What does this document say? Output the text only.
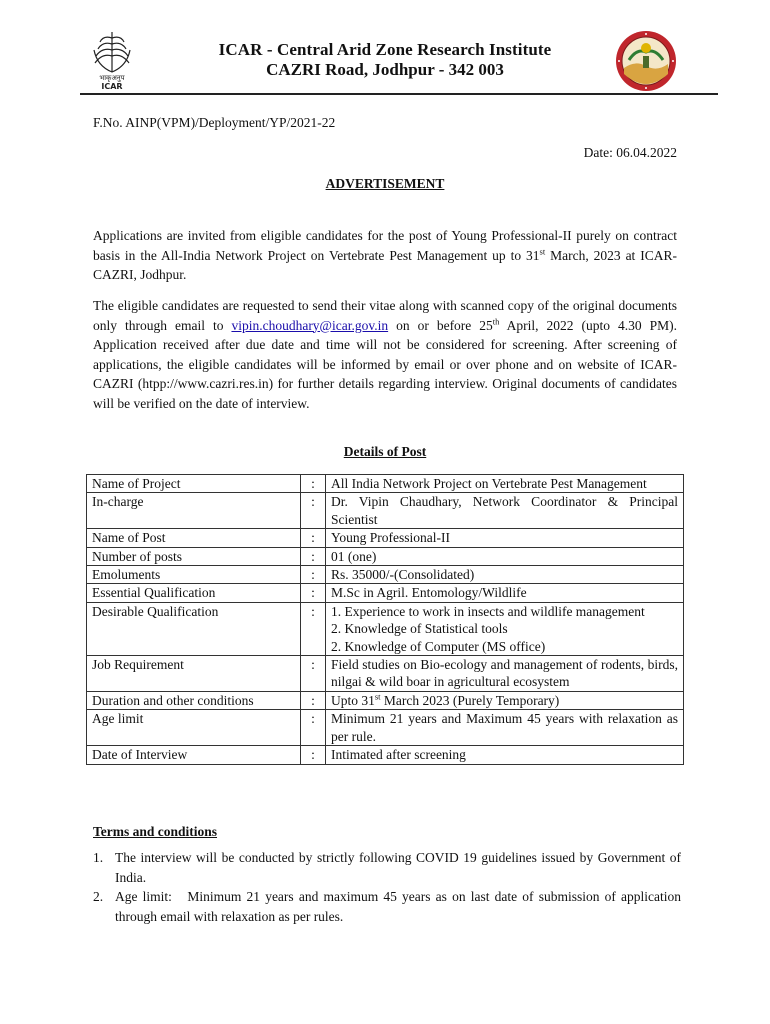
भाकृअनुप
ICAR
ICAR - Central Arid Zone Research Institute
CAZRI Road, Jodhpur - 342 003
F.No. AINP(VPM)/Deployment/YP/2021-22
Date: 06.04.2022
ADVERTISEMENT

Applications are invited from eligible candidates for the post of Young Professional-II purely on contract basis in the All-India Network Project on Vertebrate Pest Management up to 31st March, 2023 at ICAR-CAZRI, Jodhpur.

The eligible candidates are requested to send their vitae along with scanned copy of the original documents only through email to vipin.choudhary@icar.gov.in on or before 25th April, 2022 (upto 4.30 PM). Application received after due date and time will not be considered for screening. After screening of applications, the eligible candidates will be informed by email or over phone and on website of ICAR-CAZRI (htpp://www.cazri.res.in) for further details regarding interview. Original documents of candidates will be verified on the date of interview.

Details of Post
Name of Project	:	All India Network Project on Vertebrate Pest Management
In-charge	:	Dr. Vipin Chaudhary, Network Coordinator & Principal Scientist
Name of Post	:	Young Professional-II
Number of posts	:	01 (one)
Emoluments	:	Rs. 35000/-(Consolidated)
Essential Qualification	:	M.Sc in Agril. Entomology/Wildlife
Desirable Qualification	:	1. Experience to work in insects and wildlife management
2. Knowledge of Statistical tools
2. Knowledge of Computer (MS office)

Job Requirement	:	Field studies on Bio-ecology and management of rodents, birds, nilgai & wild boar in agricultural ecosystem
Duration and other conditions	:	Upto 31st March 2023 (Purely Temporary)
Age limit	:	Minimum 21 years and Maximum 45 years with relaxation as per rule.
Date of Interview	:	Intimated after screening
Terms and conditions
1. The interview will be conducted by strictly following COVID 19 guidelines issued by Government of India.
2. Age limit:   Minimum 21 years and maximum 45 years as on last date of submission of application through email with relaxation as per rules.
